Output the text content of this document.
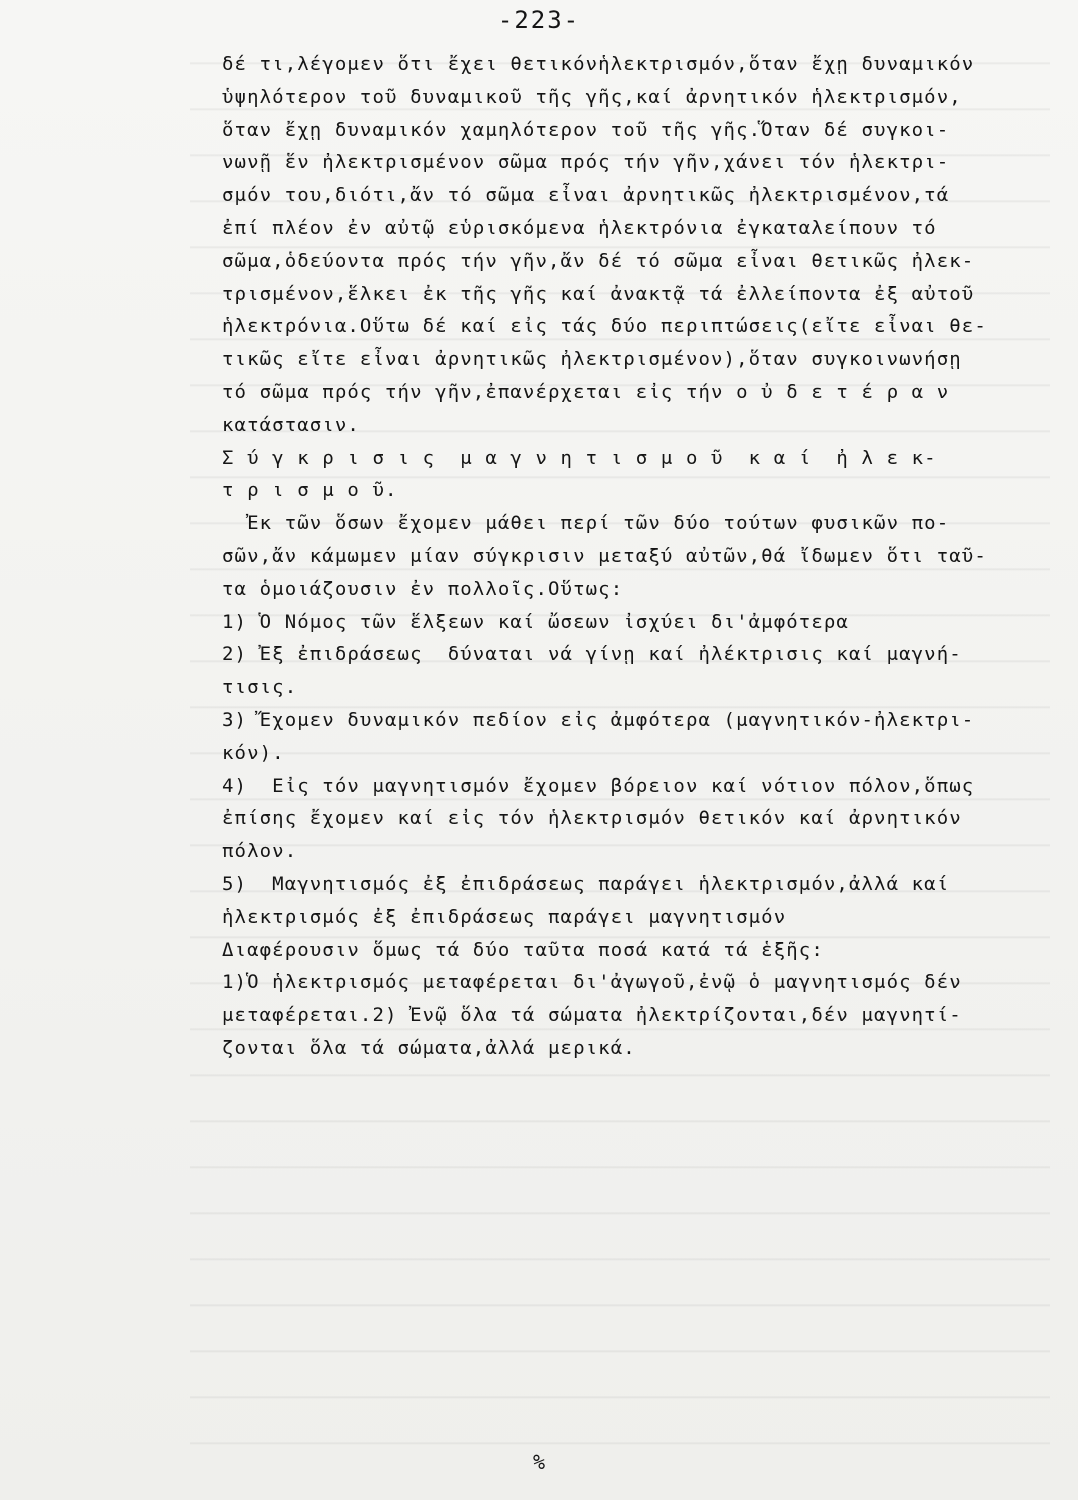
-223-
δέ τι,λέγομεν ὅτι ἔχει θετικόνἡλεκτρισμόν,ὅταν ἔχῃ δυναμικόν
ὑψηλότερον τοῦ δυναμικοῦ τῆς γῆς,καί ἀρνητικόν ἡλεκτρισμόν,
ὅταν ἔχῃ δυναμικόν χαμηλότερον τοῦ τῆς γῆς.Ὅταν δέ συγκοι-
νωνῇ ἕν ἠλεκτρισμένον σῶμα πρός τήν γῆν,χάνει τόν ἡλεκτρι-
σμόν του,διότι,ἄν τό σῶμα εἶναι ἀρνητικῶς ἠλεκτρισμένον,τά
ἐπί πλέον ἐν αὐτῷ εὑρισκόμενα ἡλεκτρόνια ἐγκαταλείπουν τό
σῶμα,ὁδεύοντα πρός τήν γῆν,ἄν δέ τό σῶμα εἶναι θετικῶς ἠλεκ-
τρισμένον,ἕλκει ἐκ τῆς γῆς καί ἀνακτᾷ τά ἐλλείποντα ἐξ αὐτοῦ
ἡλεκτρόνια.Οὕτω δέ καί εἰς τάς δύο περιπτώσεις(εἴτε εἶναι θε-
τικῶς εἴτε εἶναι ἀρνητικῶς ἠλεκτρισμένον),ὅταν συγκοινωνήσῃ
τό σῶμα πρός τήν γῆν,ἐπανέρχεται εἰς τήν ο ὐ δ ε τ έ ρ α ν
κατάστασιν.
Σ ύ γ κ ρ ι σ ι ς  μ α γ ν η τ ι σ μ ο ῦ  κ α ί  ἠ λ ε κ-
τ ρ ι σ μ ο ῦ.
Ἐκ τῶν ὅσων ἔχομεν μάθει περί τῶν δύο τούτων φυσικῶν πο-
σῶν,ἄν κάμωμεν μίαν σύγκρισιν μεταξύ αὐτῶν,θά ἴδωμεν ὅτι ταῦ-
τα ὁμοιάζουσιν ἐν πολλοῖς.Οὕτως:
1) Ὁ Νόμος τῶν ἕλξεων καί ὤσεων ἰσχύει δι'ἀμφότερα
2) Ἐξ ἐπιδράσεως  δύναται νά γίνῃ καί ἠλέκτρισις καί μαγνή-
τισις.
3) Ἔχομεν δυναμικόν πεδίον εἰς ἀμφότερα (μαγνητικόν-ἠλεκτρι-
κόν).
4)  Εἰς τόν μαγνητισμόν ἔχομεν βόρειον καί νότιον πόλον,ὅπως
ἐπίσης ἔχομεν καί εἰς τόν ἡλεκτρισμόν θετικόν καί ἀρνητικόν
πόλον.
5)  Μαγνητισμός ἐξ ἐπιδράσεως παράγει ἡλεκτρισμόν,ἀλλά καί
ἡλεκτρισμός ἐξ ἐπιδράσεως παράγει μαγνητισμόν
Διαφέρουσιν ὅμως τά δύο ταῦτα ποσά κατά τά ἑξῆς:
1)Ὁ ἡλεκτρισμός μεταφέρεται δι'ἀγωγοῦ,ἐνῷ ὁ μαγνητισμός δέν
μεταφέρεται.2) Ἐνῷ ὅλα τά σώματα ἠλεκτρίζονται,δέν μαγνητί-
ζονται ὅλα τά σώματα,ἀλλά μερικά.
%
